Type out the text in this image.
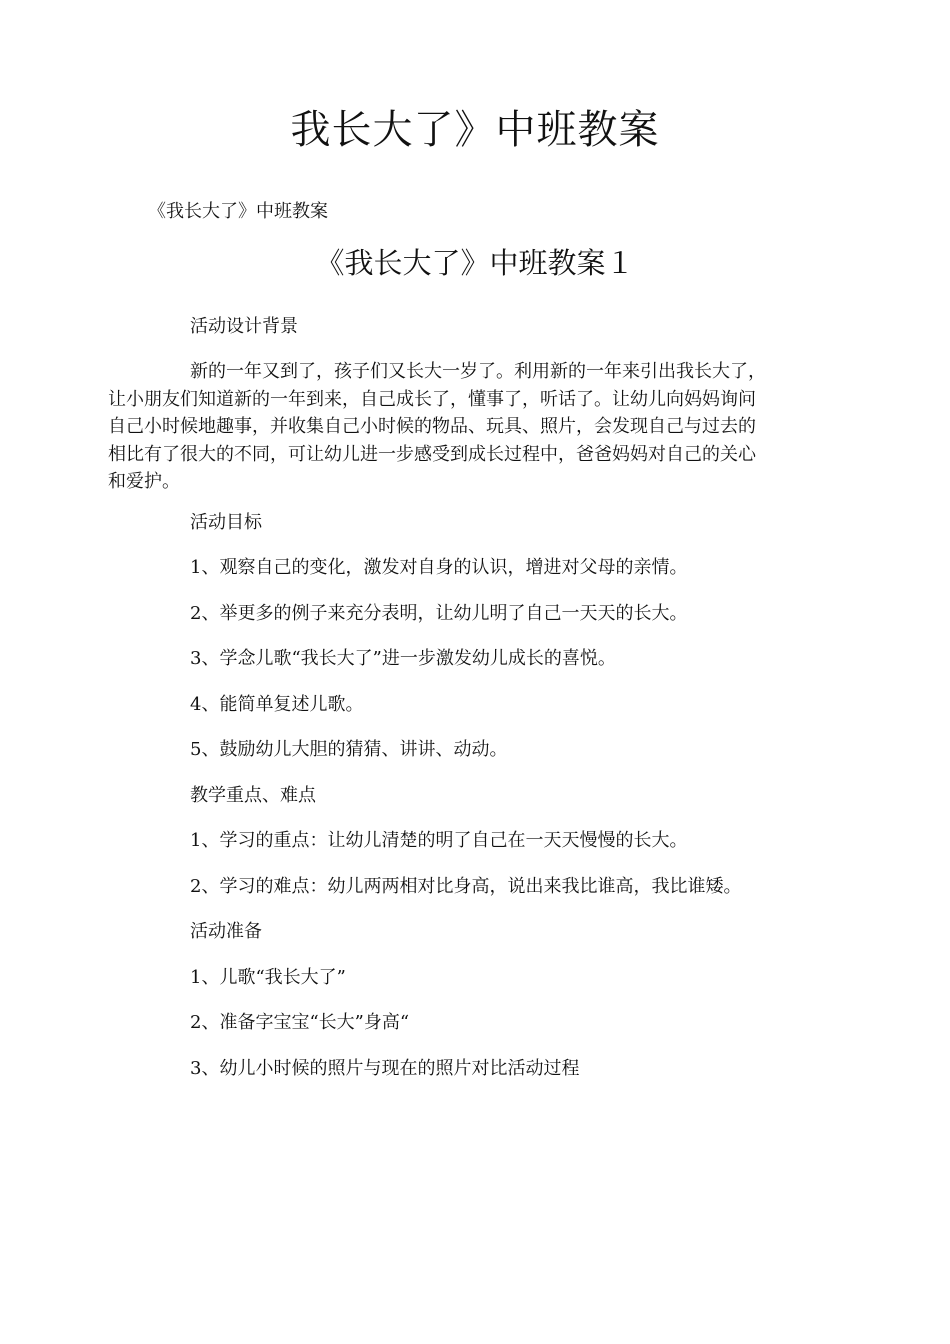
我长大了》中班教案
《我长大了》中班教案
《我长大了》中班教案１
活动设计背景
新的一年又到了，孩子们又长大一岁了。利用新的一年来引出我长大了，
让小朋友们知道新的一年到来，自己成长了，懂事了，听话了。让幼儿向妈妈询问
自己小时候地趣事，并收集自己小时候的物品、玩具、照片，会发现自己与过去的
相比有了很大的不同，可让幼儿进一步感受到成长过程中，爸爸妈妈对自己的关心
和爱护。
活动目标
1、观察自己的变化，激发对自身的认识，增进对父母的亲情。
2、举更多的例子来充分表明，让幼儿明了自己一天天的长大。
3、学念儿歌“我长大了”进一步激发幼儿成长的喜悦。
4、能简单复述儿歌。
5、鼓励幼儿大胆的猜猜、讲讲、动动。
教学重点、难点
1、学习的重点：让幼儿清楚的明了自己在一天天慢慢的长大。
2、学习的难点：幼儿两两相对比身高，说出来我比谁高，我比谁矮。
活动准备
1、儿歌“我长大了”
2、准备字宝宝“长大”身高“
3、幼儿小时候的照片与现在的照片对比活动过程
